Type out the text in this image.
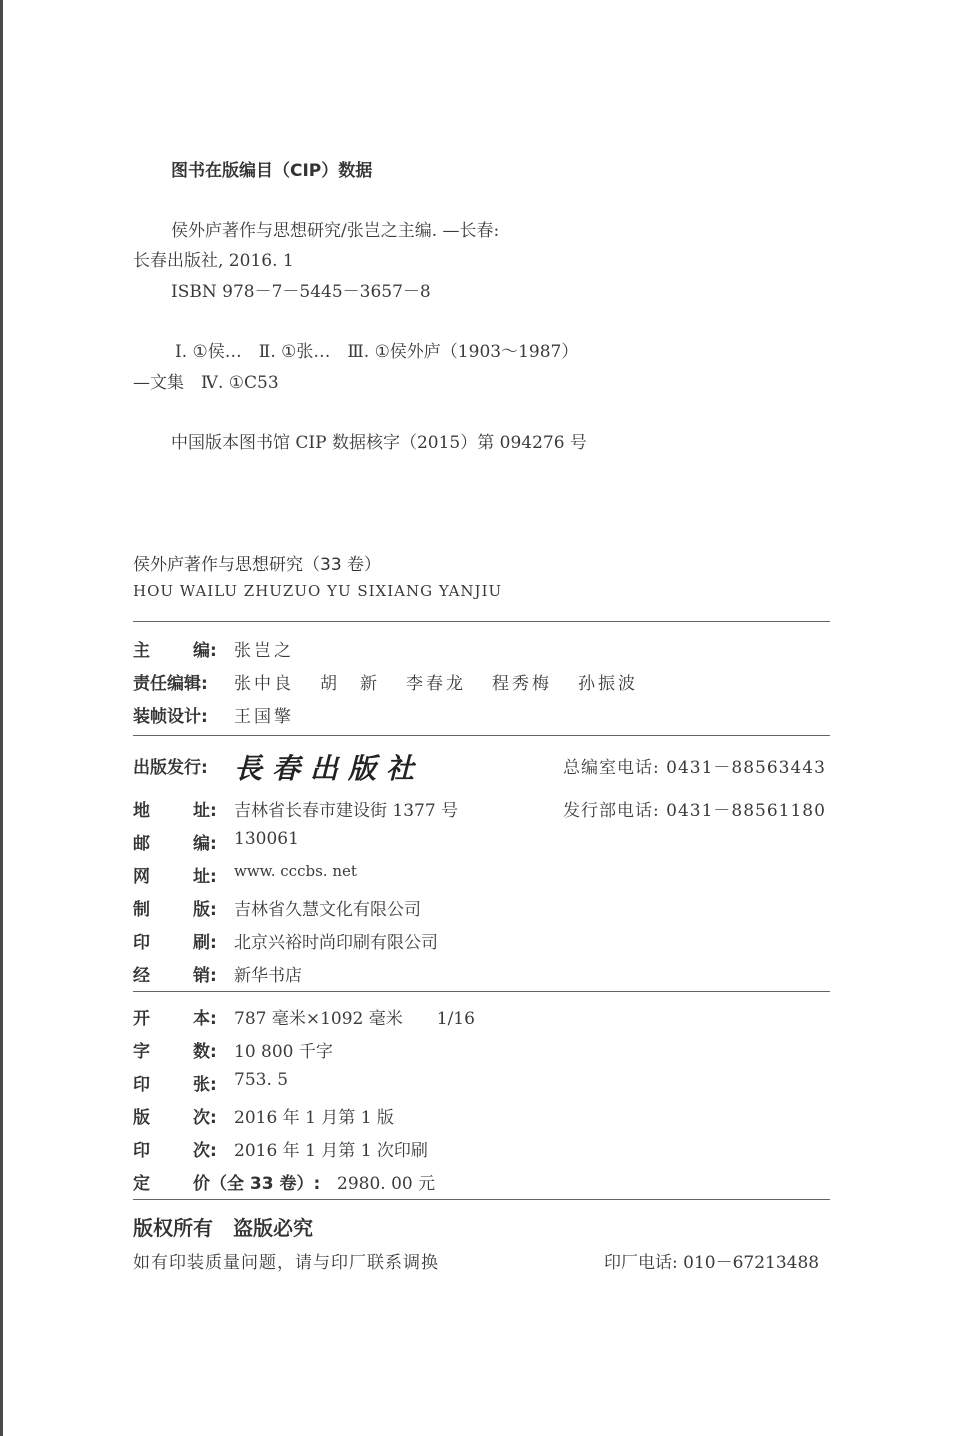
图书在版编目（CIP）数据
侯外庐著作与思想研究/张岂之主编. —长春:
长春出版社, 2016. 1
ISBN 978－7－5445－3657－8
Ⅰ. ①侯…　Ⅱ. ①张…　Ⅲ. ①侯外庐（1903～1987）
—文集　Ⅳ. ①C53
中国版本图书馆 CIP 数据核字（2015）第 094276 号
侯外庐著作与思想研究（33 卷）
HOU WAILU ZHUZUO YU SIXIANG YANJIU
主	编: 张岂之
责任编辑: 张中良 胡　新 李春龙 程秀梅 孙振波
装帧设计: 王国擎
出版发行: 長春出版社	总编室电话: 0431－88563443
发行部电话: 0431－88561180
地	址: 吉林省长春市建设街 1377 号
邮	编: 130061
网	址: www. cccbs. net
制	版: 吉林省久慧文化有限公司
印	刷: 北京兴裕时尚印刷有限公司
经	销: 新华书店
开	本: 787 毫米×1092 毫米　　1/16
字	数: 10 800 千字
印	张: 753. 5
版	次: 2016 年 1 月第 1 版
印	次: 2016 年 1 月第 1 次印刷
定	价（全 33 卷）: 2980. 00 元
版权所有　盗版必究
如有印装质量问题，请与印厂联系调换	印厂电话: 010－67213488
